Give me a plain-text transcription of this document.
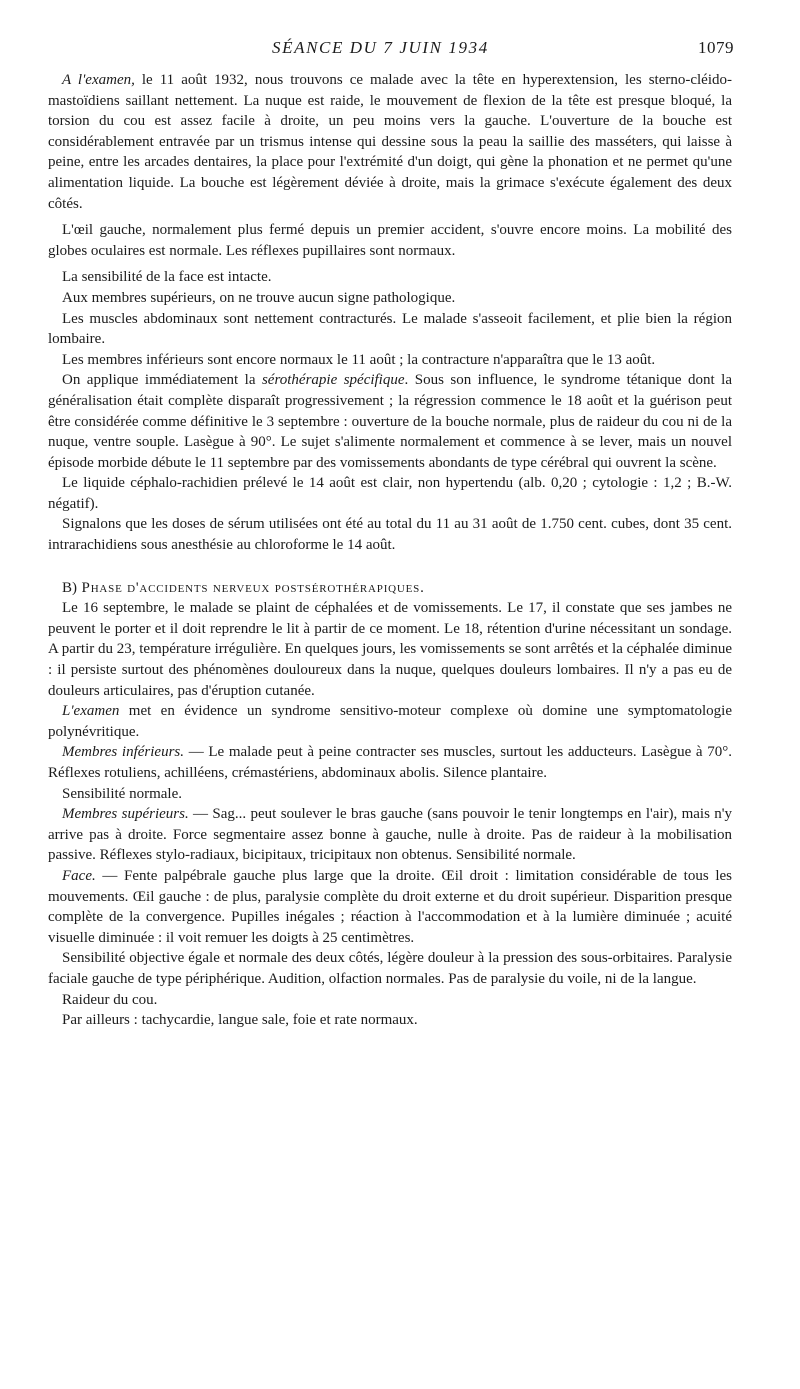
SÉANCE DU 7 JUIN 1934	1079

A l'examen, le 11 août 1932, nous trouvons ce malade avec la tête en hyperextension, les sterno-cléido-mastoïdiens saillant nettement. La nuque est raide, le mouvement de flexion de la tête est presque bloqué, la torsion du cou est assez facile à droite, un peu moins vers la gauche. L'ouverture de la bouche est considérablement entravée par un trismus intense qui dessine sous la peau la saillie des masséters, qui laisse à peine, entre les arcades dentaires, la place pour l'extrémité d'un doigt, qui gène la phonation et ne permet qu'une alimentation liquide. La bouche est légèrement déviée à droite, mais la grimace s'exécute également des deux côtés.

L'œil gauche, normalement plus fermé depuis un premier accident, s'ouvre encore moins. La mobilité des globes oculaires est normale. Les réflexes pupillaires sont normaux.

La sensibilité de la face est intacte.

Aux membres supérieurs, on ne trouve aucun signe pathologique.

Les muscles abdominaux sont nettement contracturés. Le malade s'asseoit facilement, et plie bien la région lombaire.

Les membres inférieurs sont encore normaux le 11 août ; la contracture n'apparaîtra que le 13 août.

On applique immédiatement la sérothérapie spécifique. Sous son influence, le syndrome tétanique dont la généralisation était complète disparaît progressivement ; la régression commence le 18 août et la guérison peut être considérée comme définitive le 3 septembre : ouverture de la bouche normale, plus de raideur du cou ni de la nuque, ventre souple. Lasègue à 90°. Le sujet s'alimente normalement et commence à se lever, mais un nouvel épisode morbide débute le 11 septembre par des vomissements abondants de type cérébral qui ouvrent la scène.

Le liquide céphalo-rachidien prélevé le 14 août est clair, non hypertendu (alb. 0,20 ; cytologie : 1,2 ; B.-W. négatif).

Signalons que les doses de sérum utilisées ont été au total du 11 au 31 août de 1.750 cent. cubes, dont 35 cent. intrarachidiens sous anesthésie au chloroforme le 14 août.

B) Phase d'accidents nerveux postsérothérapiques.

Le 16 septembre, le malade se plaint de céphalées et de vomissements. Le 17, il constate que ses jambes ne peuvent le porter et il doit reprendre le lit à partir de ce moment. Le 18, rétention d'urine nécessitant un sondage. A partir du 23, température irrégulière. En quelques jours, les vomissements se sont arrêtés et la céphalée diminue : il persiste surtout des phénomènes douloureux dans la nuque, quelques douleurs lombaires. Il n'y a pas eu de douleurs articulaires, pas d'éruption cutanée.

L'examen met en évidence un syndrome sensitivo-moteur complexe où domine une symptomatologie polynévritique.

Membres inférieurs. — Le malade peut à peine contracter ses muscles, surtout les adducteurs. Lasègue à 70°. Réflexes rotuliens, achilléens, crémastériens, abdominaux abolis. Silence plantaire.

Sensibilité normale.

Membres supérieurs. — Sag... peut soulever le bras gauche (sans pouvoir le tenir longtemps en l'air), mais n'y arrive pas à droite. Force segmentaire assez bonne à gauche, nulle à droite. Pas de raideur à la mobilisation passive. Réflexes stylo-radiaux, bicipitaux, tricipitaux non obtenus. Sensibilité normale.

Face. — Fente palpébrale gauche plus large que la droite. Œil droit : limitation considérable de tous les mouvements. Œil gauche : de plus, paralysie complète du droit externe et du droit supérieur. Disparition presque complète de la convergence. Pupilles inégales ; réaction à l'accommodation et à la lumière diminuée ; acuité visuelle diminuée : il voit remuer les doigts à 25 centimètres.

Sensibilité objective égale et normale des deux côtés, légère douleur à la pression des sous-orbitaires. Paralysie faciale gauche de type périphérique. Audition, olfaction normales. Pas de paralysie du voile, ni de la langue.

Raideur du cou.

Par ailleurs : tachycardie, langue sale, foie et rate normaux.
